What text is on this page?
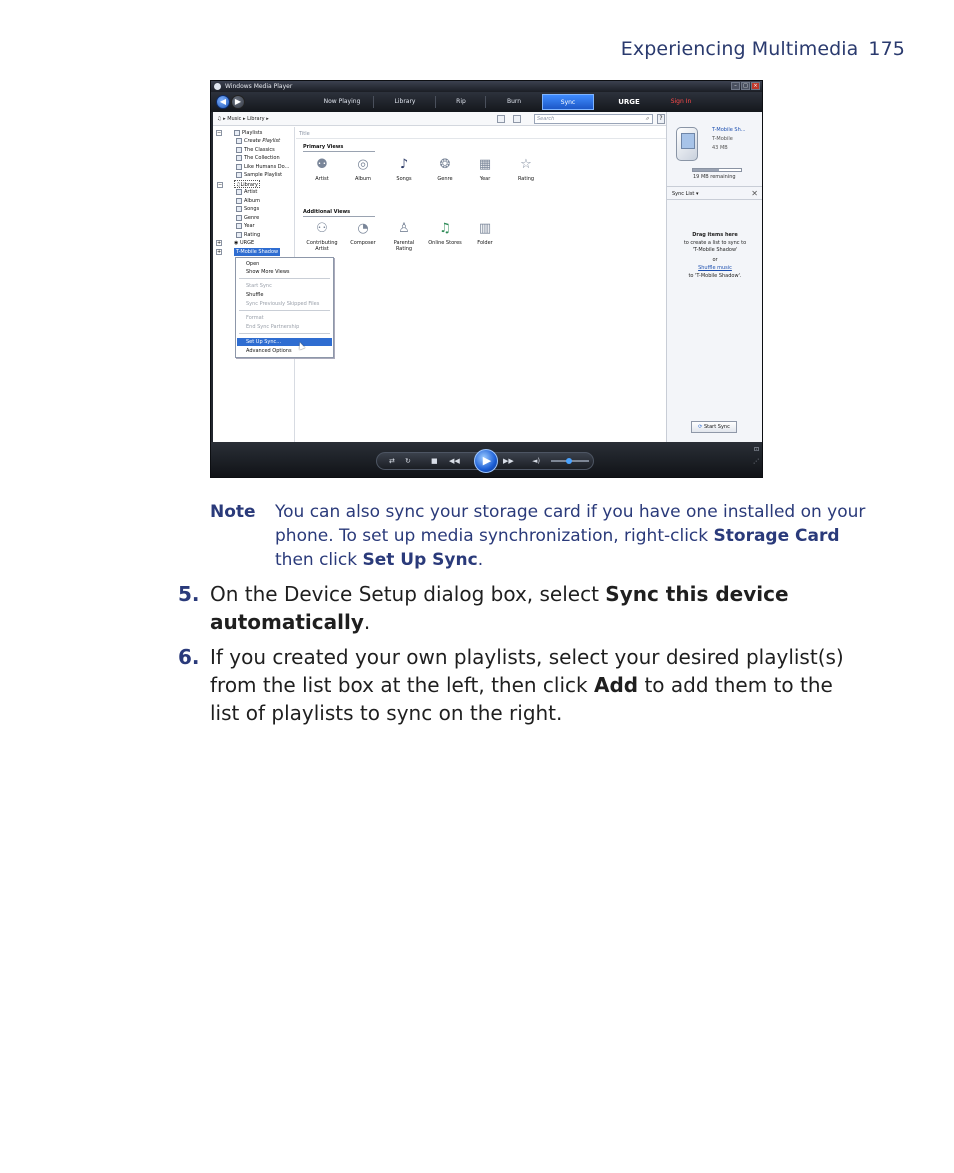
Experiencing Multimedia 175
Windows Media Player	–	□	×
◀	▶	Now Playing	Library	Rip	Burn	Sync	URGE	Sign In
♫ ▸ Music ▸ Library ▸	Search	⌕	?
−	Playlists
Create Playlist
The Classics
The Collection
Like Humans Do...
Sample Playlist
−	♫Library
Artist
Album
Songs
Genre
Year
Rating
+	◉ URGE
+	T-Mobile Shadow
Open
Show More Views
Start Sync
Shuffle
Sync Previously Skipped Files
Format
End Sync Partnership
Set Up Sync...
Advanced Options
Title
Primary Views
⚉
Artist
◎
Album
♪
Songs
❂
Genre
▦
Year
☆
Rating
Additional Views
⚇
Contributing
Artist
◔
Composer
♙
Parental
Rating
♫
Online Stores
▥
Folder
T-Mobile Sh...
T-Mobile
43 MB
19 MB remaining
Sync List ▾	✕
Drag items here
to create a list to sync to
'T-Mobile Shadow'
or
Shuffle music
to 'T-Mobile Shadow'.
⟳ Start Sync
⇄ ↻	■ ◀◀	▶▶	◄)
▶
⊡
⋰
Note You can also sync your storage card if you have one installed on your phone. To set up media synchronization, right-click Storage Card then click Set Up Sync.
5. On the Device Setup dialog box, select Sync this device automatically.
6. If you created your own playlists, select your desired playlist(s) from the list box at the left, then click Add to add them to the list of playlists to sync on the right.
